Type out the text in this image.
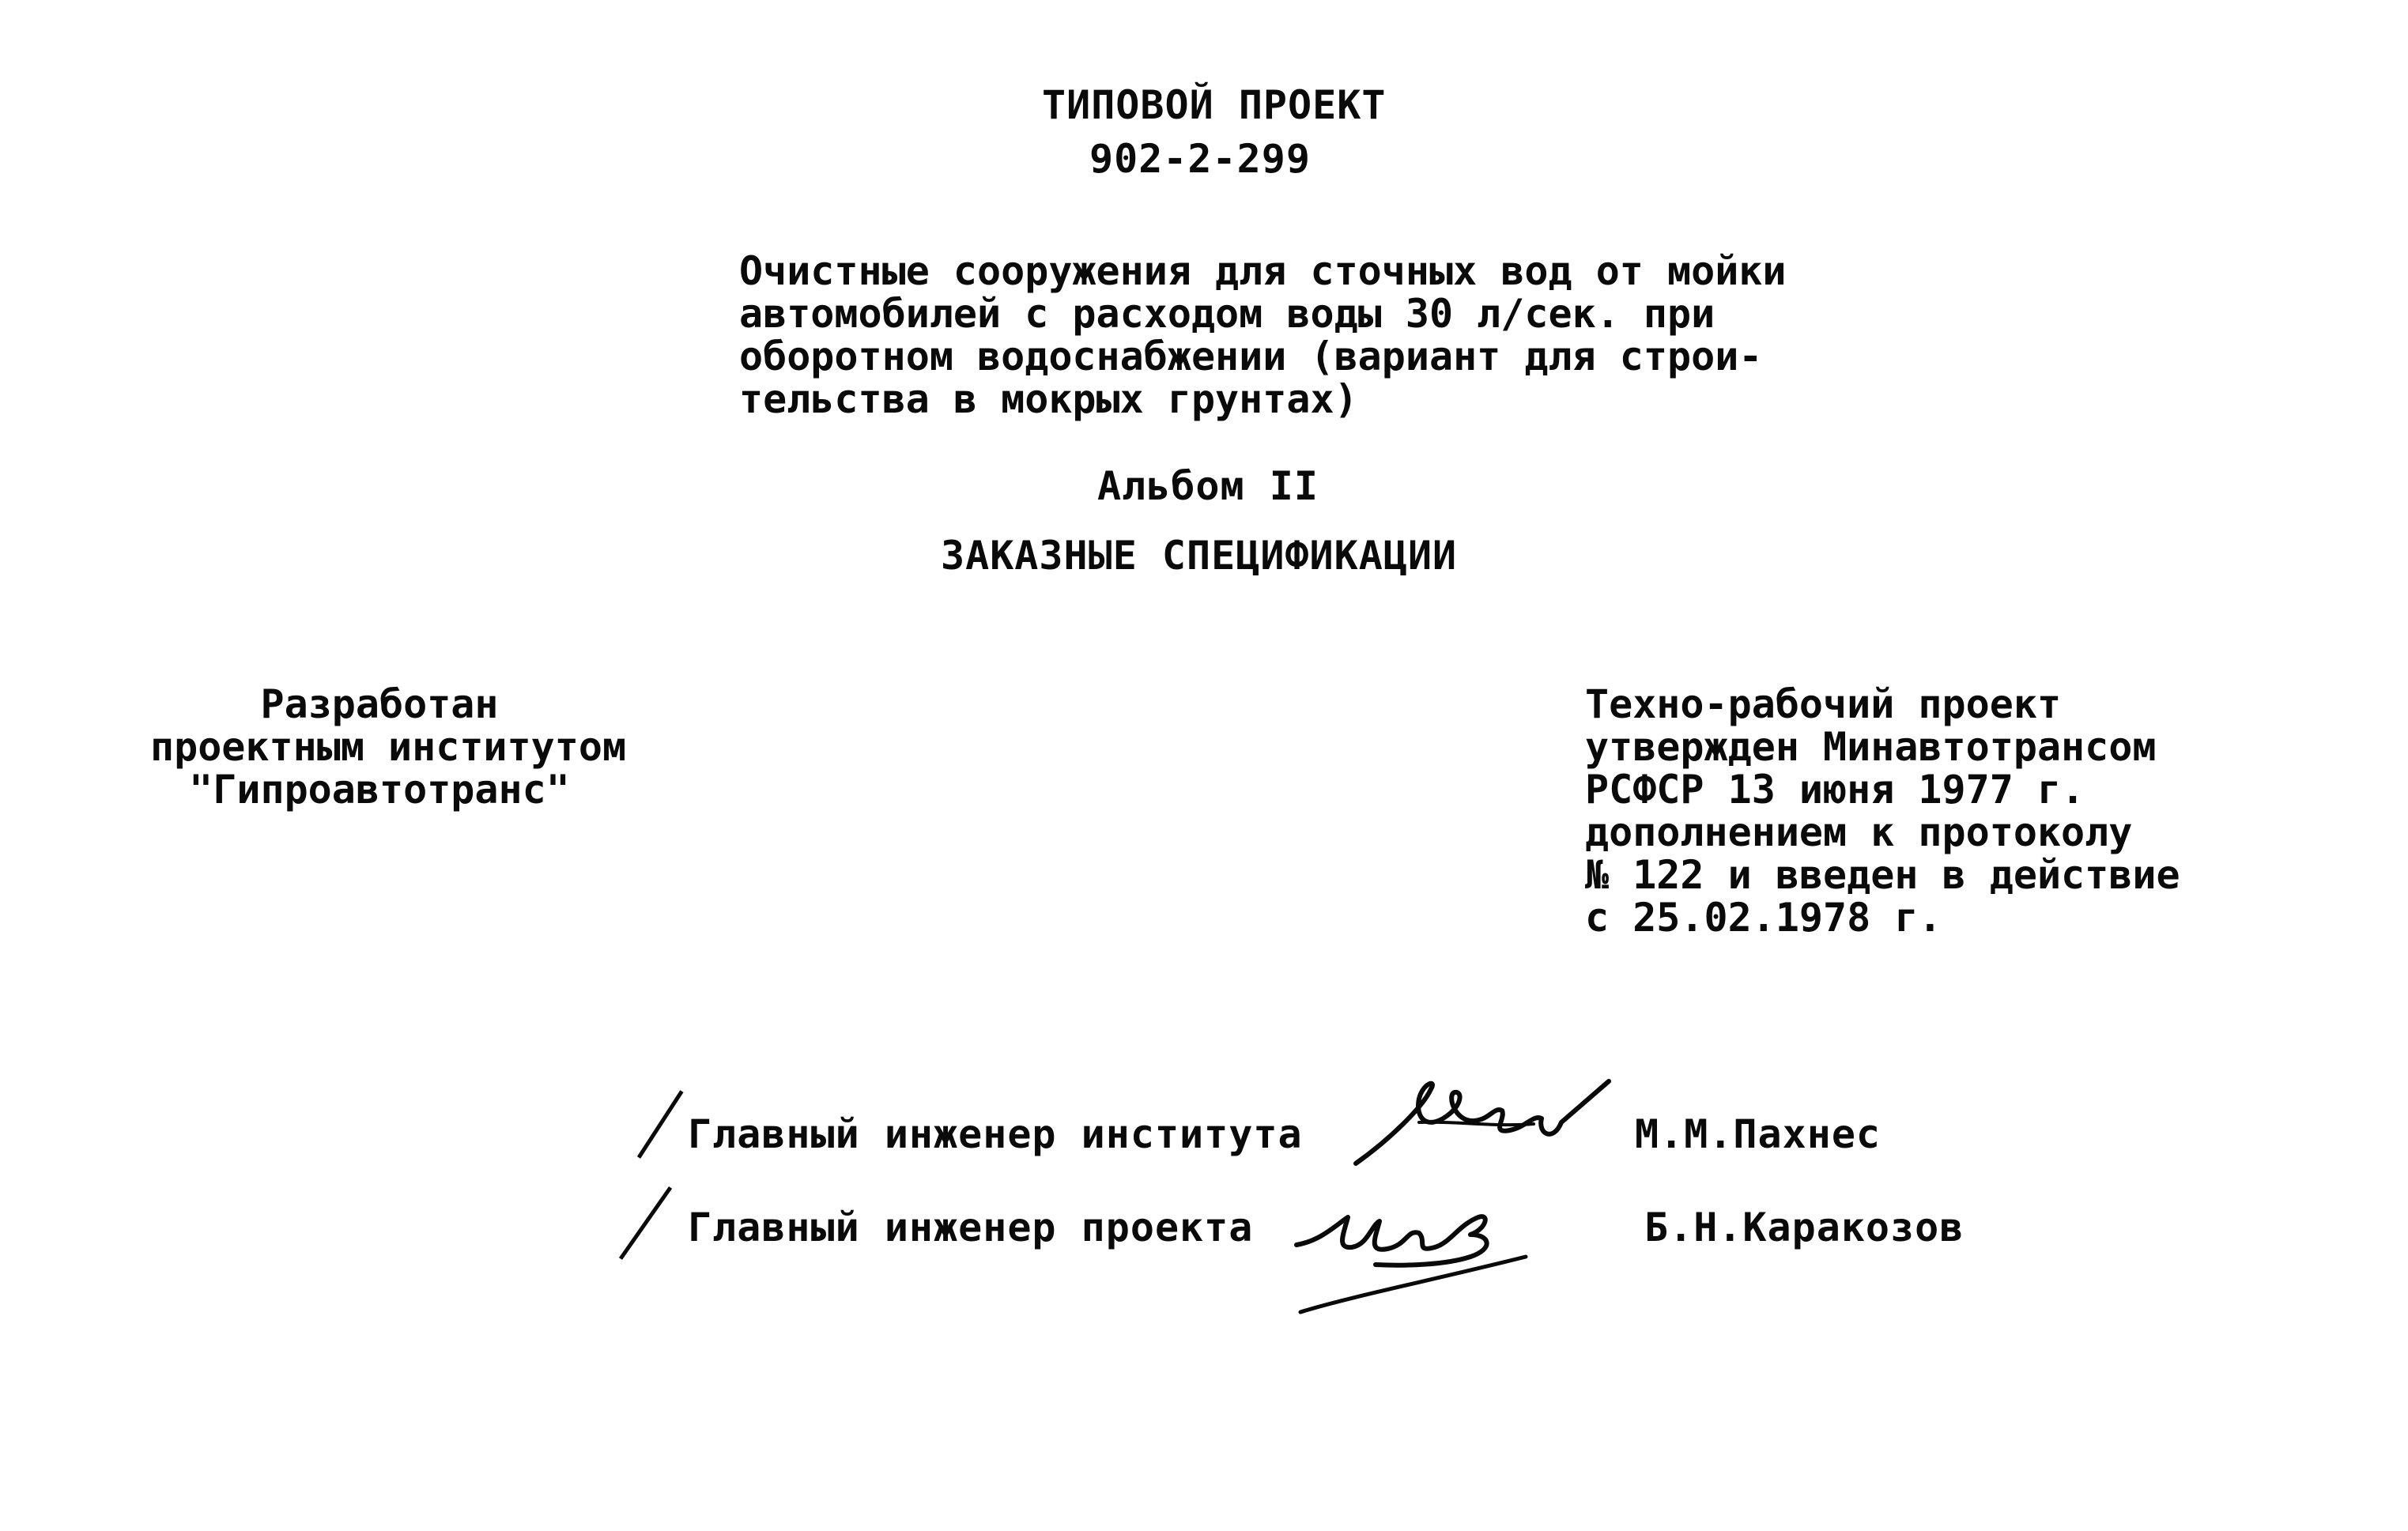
ТИПОВОЙ ПРОЕКТ
902-2-299
Очистные сооружения для сточных вод от мойки
автомобилей с расходом воды 30 л/сек. при
оборотном водоснабжении (вариант для строи-
тельства в мокрых грунтах)
Альбом II
ЗАКАЗНЫЕ СПЕЦИФИКАЦИИ
Разработан
проектным институтом
"Гипроавтотранс"
Техно-рабочий проект
утвержден Минавтотрансом
РСФСР 13 июня 1977 г.
дополнением к протоколу
№ 122 и введен в действие
с 25.02.1978 г.
Главный инженер института	М.М.Пахнес
Главный инженер проекта	Б.Н.Каракозов
